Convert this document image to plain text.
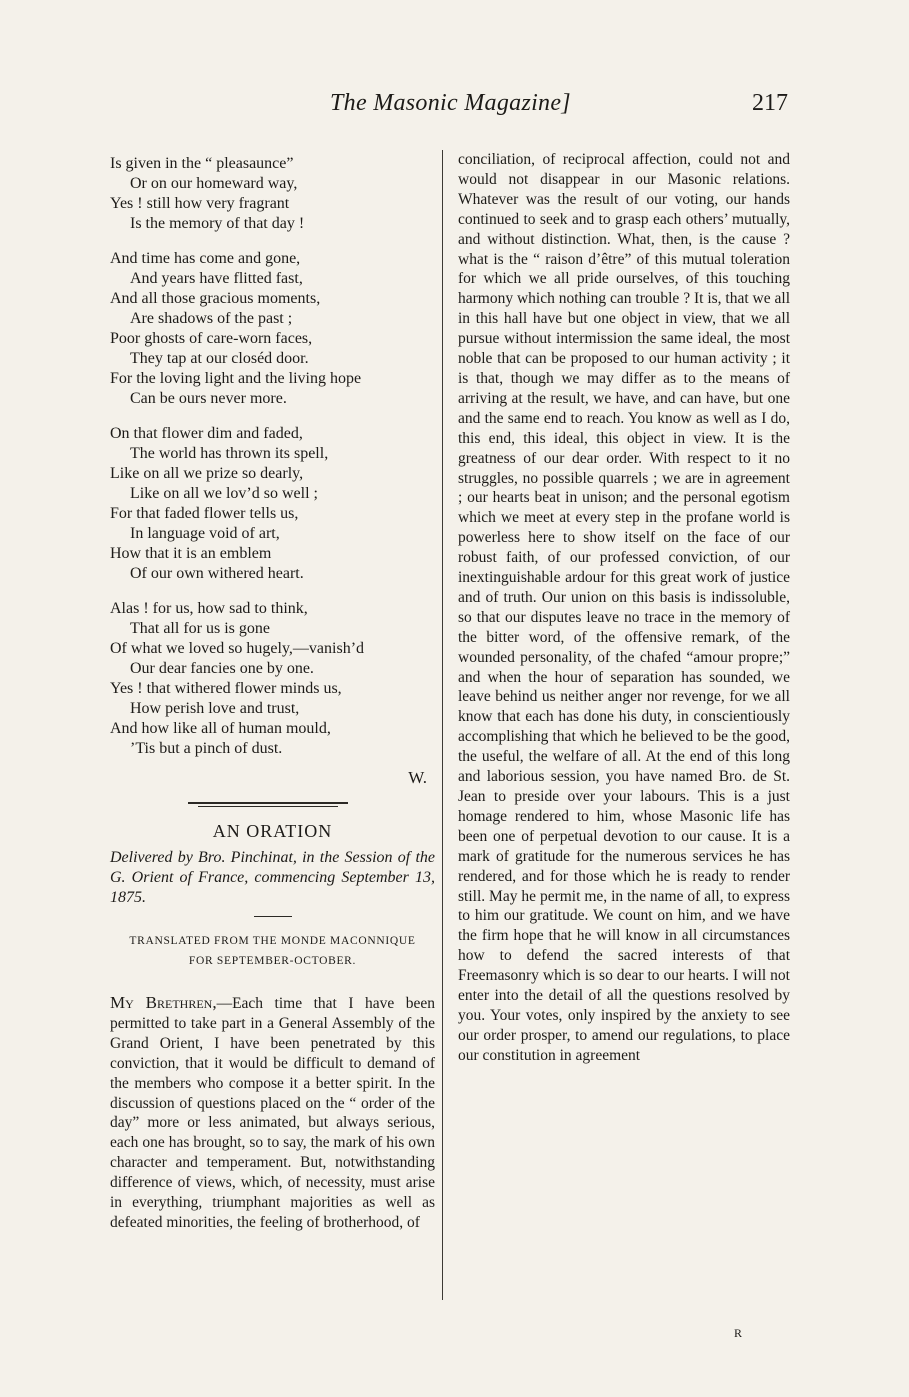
The Masonic Magazine]	217
Is given in the “ pleasaunce”
Or on our homeward way,
Yes ! still how very fragrant
Is the memory of that day !
And time has come and gone,
And years have flitted fast,
And all those gracious moments,
Are shadows of the past ;
Poor ghosts of care-worn faces,
They tap at our closéd door.
For the loving light and the living hope
Can be ours never more.
On that flower dim and faded,
The world has thrown its spell,
Like on all we prize so dearly,
Like on all we lov’d so well ;
For that faded flower tells us,
In language void of art,
How that it is an emblem
Of our own withered heart.
Alas ! for us, how sad to think,
That all for us is gone
Of what we loved so hugely,—vanish’d
Our dear fancies one by one.
Yes ! that withered flower minds us,
How perish love and trust,
And how like all of human mould,
’Tis but a pinch of dust.
W.
AN ORATION
Delivered by Bro. Pinchinat, in the Session of the G. Orient of France, commencing September 13, 1875.
TRANSLATED FROM THE MONDE MACONNIQUE
FOR SEPTEMBER-OCTOBER.

My Brethren,—Each time that I have been permitted to take part in a General Assembly of the Grand Orient, I have been penetrated by this conviction, that it would be difficult to demand of the members who compose it a better spirit. In the discussion of questions placed on the “ order of the day” more or less animated, but always serious, each one has brought, so to say, the mark of his own character and temperament. But, notwithstanding difference of views, which, of necessity, must arise in everything, triumphant majorities as well as defeated minorities, the feeling of brotherhood, of

conciliation, of reciprocal affection, could not and would not disappear in our Masonic relations. Whatever was the result of our voting, our hands continued to seek and to grasp each others’ mutually, and without distinction. What, then, is the cause ? what is the “ raison d’être” of this mutual toleration for which we all pride ourselves, of this touching harmony which nothing can trouble ? It is, that we all in this hall have but one object in view, that we all pursue without intermission the same ideal, the most noble that can be proposed to our human activity ; it is that, though we may differ as to the means of arriving at the result, we have, and can have, but one and the same end to reach. You know as well as I do, this end, this ideal, this object in view. It is the greatness of our dear order. With respect to it no struggles, no possible quarrels ; we are in agreement ; our hearts beat in unison; and the personal egotism which we meet at every step in the profane world is powerless here to show itself on the face of our robust faith, of our professed conviction, of our inextinguishable ardour for this great work of justice and of truth. Our union on this basis is indissoluble, so that our disputes leave no trace in the memory of the bitter word, of the offensive remark, of the wounded personality, of the chafed “amour propre;” and when the hour of separation has sounded, we leave behind us neither anger nor revenge, for we all know that each has done his duty, in conscientiously accomplishing that which he believed to be the good, the useful, the welfare of all. At the end of this long and laborious session, you have named Bro. de St. Jean to preside over your labours. This is a just homage rendered to him, whose Masonic life has been one of perpetual devotion to our cause. It is a mark of gratitude for the numerous services he has rendered, and for those which he is ready to render still. May he permit me, in the name of all, to express to him our gratitude. We count on him, and we have the firm hope that he will know in all circumstances how to defend the sacred interests of that Freemasonry which is so dear to our hearts. I will not enter into the detail of all the questions resolved by you. Your votes, only inspired by the anxiety to see our order prosper, to amend our regulations, to place our constitution in agreement

R
